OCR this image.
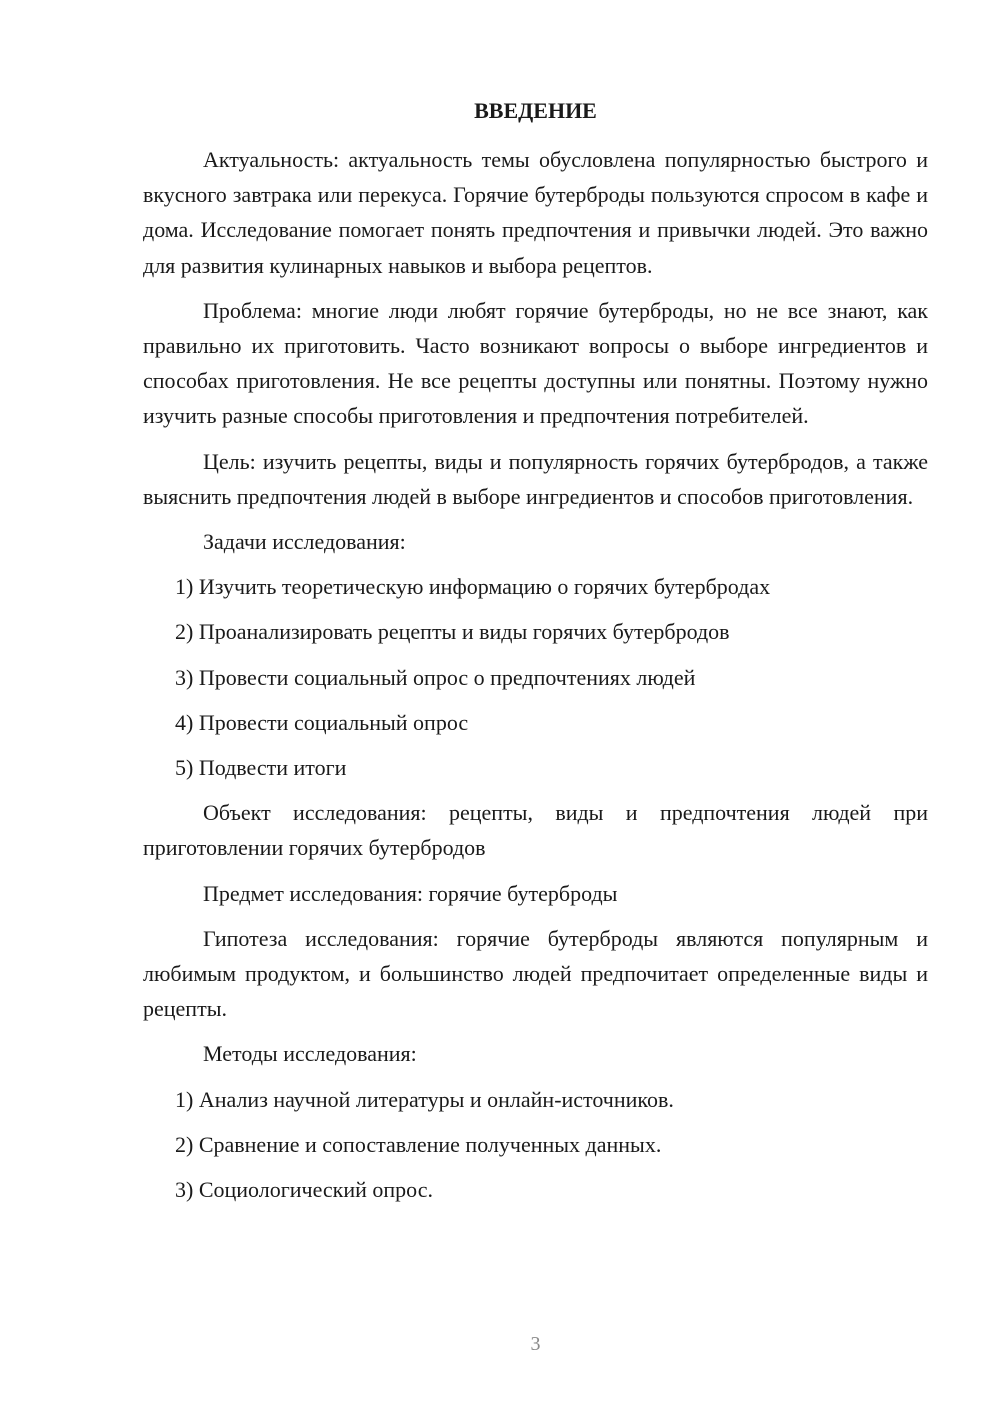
ВВЕДЕНИЕ

Актуальность: актуальность темы обусловлена популярностью быстрого и вкусного завтрака или перекуса. Горячие бутерброды пользуются спросом в кафе и дома. Исследование помогает понять предпочтения и привычки людей. Это важно для развития кулинарных навыков и выбора рецептов.

Проблема: многие люди любят горячие бутерброды, но не все знают, как правильно их приготовить. Часто возникают вопросы о выборе ингредиентов и способах приготовления. Не все рецепты доступны или понятны. Поэтому нужно изучить разные способы приготовления и предпочтения потребителей.

Цель: изучить рецепты, виды и популярность горячих бутербродов, а также выяснить предпочтения людей в выборе ингредиентов и способов приготовления.

Задачи исследования:

1) Изучить теоретическую информацию о горячих бутербродах

2) Проанализировать рецепты и виды горячих бутербродов

3) Провести социальный опрос о предпочтениях людей

4) Провести социальный опрос

5) Подвести итоги

Объект исследования: рецепты, виды и предпочтения людей при приготовлении горячих бутербродов

Предмет исследования: горячие бутерброды

Гипотеза исследования: горячие бутерброды являются популярным и любимым продуктом, и большинство людей предпочитает определенные виды и рецепты.

Методы исследования:

1) Анализ научной литературы и онлайн-источников.

2) Сравнение и сопоставление полученных данных.

3) Социологический опрос.

3
